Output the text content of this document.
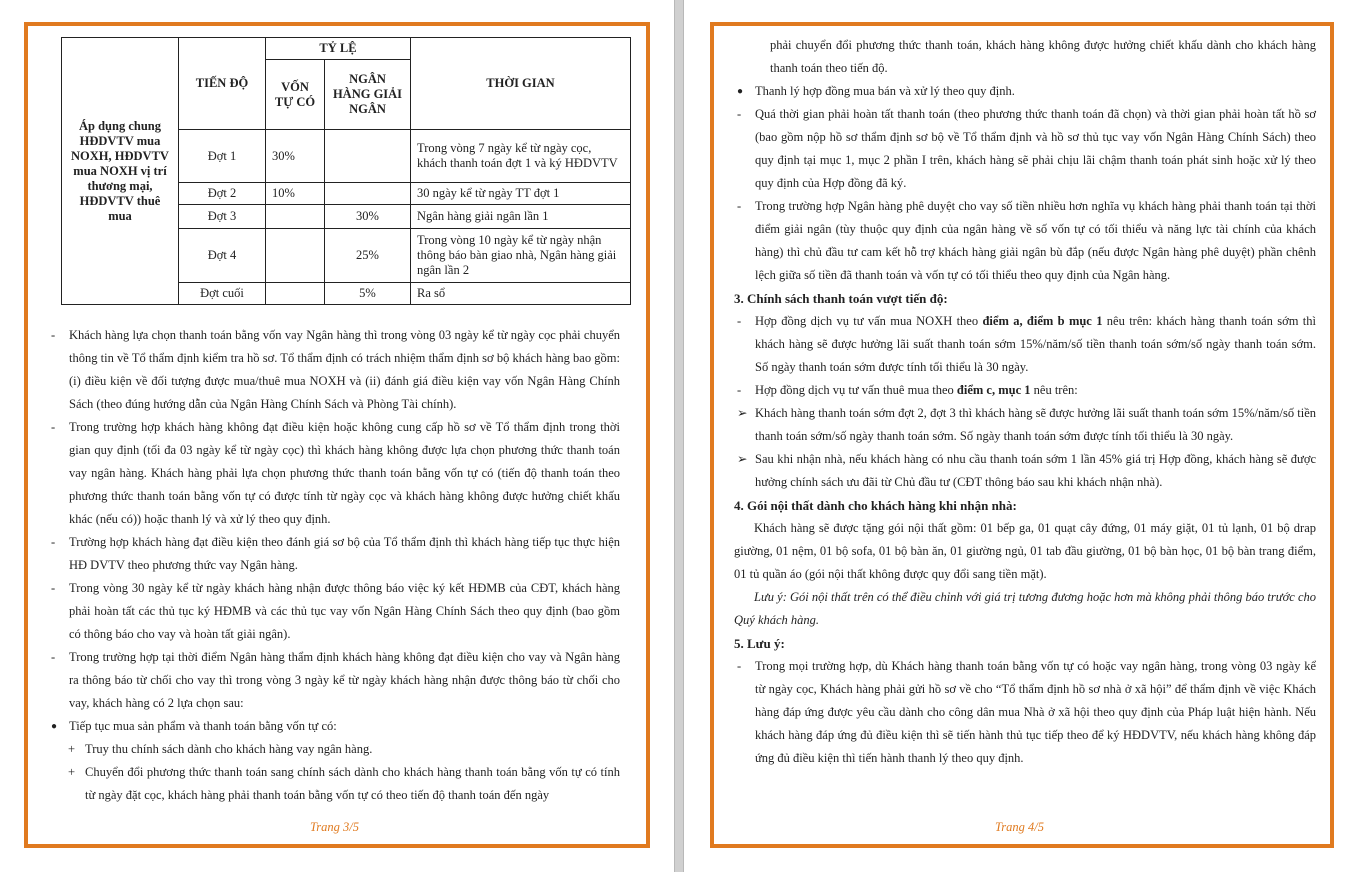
Áp dụng chung HĐDVTV mua NOXH, HĐDVTV mua NOXH vị trí thương mại, HĐDVTV thuê mua	TIẾN ĐỘ	TỶ LỆ		THỜI GIAN
		VỐN TỰ CÓ	NGÂN HÀNG GIẢI NGÂN	
	Đợt 1	30%		Trong vòng 7 ngày kể từ ngày cọc, khách thanh toán đợt 1 và ký HĐDVTV
	Đợt 2	10%		30 ngày kể từ ngày TT đợt 1
	Đợt 3		30%	Ngân hàng giải ngân lần 1
	Đợt 4		25%	Trong vòng 10 ngày kể từ ngày nhận thông báo bàn giao nhà, Ngân hàng giải ngân lần 2
	Đợt cuối		5%	Ra sổ
-	Khách hàng lựa chọn thanh toán bằng vốn vay Ngân hàng thì trong vòng 03 ngày kể từ ngày cọc phải chuyển thông tin về Tổ thẩm định kiểm tra hồ sơ. Tổ thẩm định có trách nhiệm thẩm định sơ bộ khách hàng bao gồm: (i) điều kiện về đối tượng được mua/thuê mua NOXH và (ii) đánh giá điều kiện vay vốn Ngân Hàng Chính Sách (theo đúng hướng dẫn của Ngân Hàng Chính Sách và Phòng Tài chính).
-	Trong trường hợp khách hàng không đạt điều kiện hoặc không cung cấp hồ sơ về Tổ thẩm định trong thời gian quy định (tối đa 03 ngày kể từ ngày cọc) thì khách hàng không được lựa chọn phương thức thanh toán vay ngân hàng. Khách hàng phải lựa chọn phương thức thanh toán bằng vốn tự có (tiến độ thanh toán theo phương thức thanh toán bằng vốn tự có được tính từ ngày cọc và khách hàng không được hưởng chiết khấu khác (nếu có)) hoặc thanh lý và xử lý theo quy định.
-	Trường hợp khách hàng đạt điều kiện theo đánh giá sơ bộ của Tổ thẩm định thì khách hàng tiếp tục thực hiện HĐ DVTV theo phương thức vay Ngân hàng.
-	Trong vòng 30 ngày kể từ ngày khách hàng nhận được thông báo việc ký kết HĐMB của CĐT, khách hàng phải hoàn tất các thủ tục ký HĐMB và các thủ tục vay vốn Ngân Hàng Chính Sách theo quy định (bao gồm có thông báo cho vay và hoàn tất giải ngân).
-	Trong trường hợp tại thời điểm Ngân hàng thẩm định khách hàng không đạt điều kiện cho vay và Ngân hàng ra thông báo từ chối cho vay thì trong vòng 3 ngày kể từ ngày khách hàng nhận được thông báo từ chối cho vay, khách hàng có 2 lựa chọn sau:
● Tiếp tục mua sản phẩm và thanh toán bằng vốn tự có:
+ Truy thu chính sách dành cho khách hàng vay ngân hàng.
+ Chuyển đổi phương thức thanh toán sang chính sách dành cho khách hàng thanh toán bằng vốn tự có tính từ ngày đặt cọc, khách hàng phải thanh toán bằng vốn tự có theo tiến độ thanh toán đến ngày
Trang 3/5
phải chuyển đổi phương thức thanh toán, khách hàng không được hưởng chiết khấu dành cho khách hàng thanh toán theo tiến độ.
● Thanh lý hợp đồng mua bán và xử lý theo quy định.
-	Quá thời gian phải hoàn tất thanh toán (theo phương thức thanh toán đã chọn) và thời gian phải hoàn tất hồ sơ (bao gồm nộp hồ sơ thẩm định sơ bộ về Tổ thẩm định và hồ sơ thủ tục vay vốn Ngân Hàng Chính Sách) theo quy định tại mục 1, mục 2 phần I trên, khách hàng sẽ phải chịu lãi chậm thanh toán phát sinh hoặc xử lý theo quy định của Hợp đồng đã ký.
-	Trong trường hợp Ngân hàng phê duyệt cho vay số tiền nhiều hơn nghĩa vụ khách hàng phải thanh toán tại thời điểm giải ngân (tùy thuộc quy định của ngân hàng về số vốn tự có tối thiểu và năng lực tài chính của khách hàng) thì chủ đầu tư cam kết hỗ trợ khách hàng giải ngân bù đắp (nếu được Ngân hàng phê duyệt) phần chênh lệch giữa số tiền đã thanh toán và vốn tự có tối thiểu theo quy định của Ngân hàng.
3. Chính sách thanh toán vượt tiến độ:
-	Hợp đồng dịch vụ tư vấn mua NOXH theo điểm a, điểm b mục 1 nêu trên: khách hàng thanh toán sớm thì khách hàng sẽ được hưởng lãi suất thanh toán sớm 15%/năm/số tiền thanh toán sớm/số ngày thanh toán sớm. Số ngày thanh toán sớm được tính tối thiểu là 30 ngày.
-	Hợp đồng dịch vụ tư vấn thuê mua theo điểm c, mục 1 nêu trên:
➢ Khách hàng thanh toán sớm đợt 2, đợt 3 thì khách hàng sẽ được hưởng lãi suất thanh toán sớm 15%/năm/số tiền thanh toán sớm/số ngày thanh toán sớm. Số ngày thanh toán sớm được tính tối thiểu là 30 ngày.
➢ Sau khi nhận nhà, nếu khách hàng có nhu cầu thanh toán sớm 1 lần 45% giá trị Hợp đồng, khách hàng sẽ được hưởng chính sách ưu đãi từ Chủ đầu tư (CĐT thông báo sau khi khách nhận nhà).
4. Gói nội thất dành cho khách hàng khi nhận nhà:
Khách hàng sẽ được tặng gói nội thất gồm: 01 bếp ga, 01 quạt cây đứng, 01 máy giặt, 01 tủ lạnh, 01 bộ drap giường, 01 nệm, 01 bộ sofa, 01 bộ bàn ăn, 01 giường ngủ, 01 tab đầu giường, 01 bộ bàn học, 01 bộ bàn trang điểm, 01 tủ quần áo (gói nội thất không được quy đổi sang tiền mặt).
Lưu ý: Gói nội thất trên có thể điều chỉnh với giá trị tương đương hoặc hơn mà không phải thông báo trước cho Quý khách hàng.
5. Lưu ý:
-	Trong mọi trường hợp, dù Khách hàng thanh toán bằng vốn tự có hoặc vay ngân hàng, trong vòng 03 ngày kể từ ngày cọc, Khách hàng phải gửi hồ sơ về cho “Tổ thẩm định hồ sơ nhà ở xã hội” để thẩm định về việc Khách hàng đáp ứng được yêu cầu dành cho công dân mua Nhà ở xã hội theo quy định của Pháp luật hiện hành. Nếu khách hàng đáp ứng đủ điều kiện thì sẽ tiến hành thủ tục tiếp theo để ký HĐDVTV, nếu khách hàng không đáp ứng đủ điều kiện thì tiến hành thanh lý theo quy định.
Trang 4/5
